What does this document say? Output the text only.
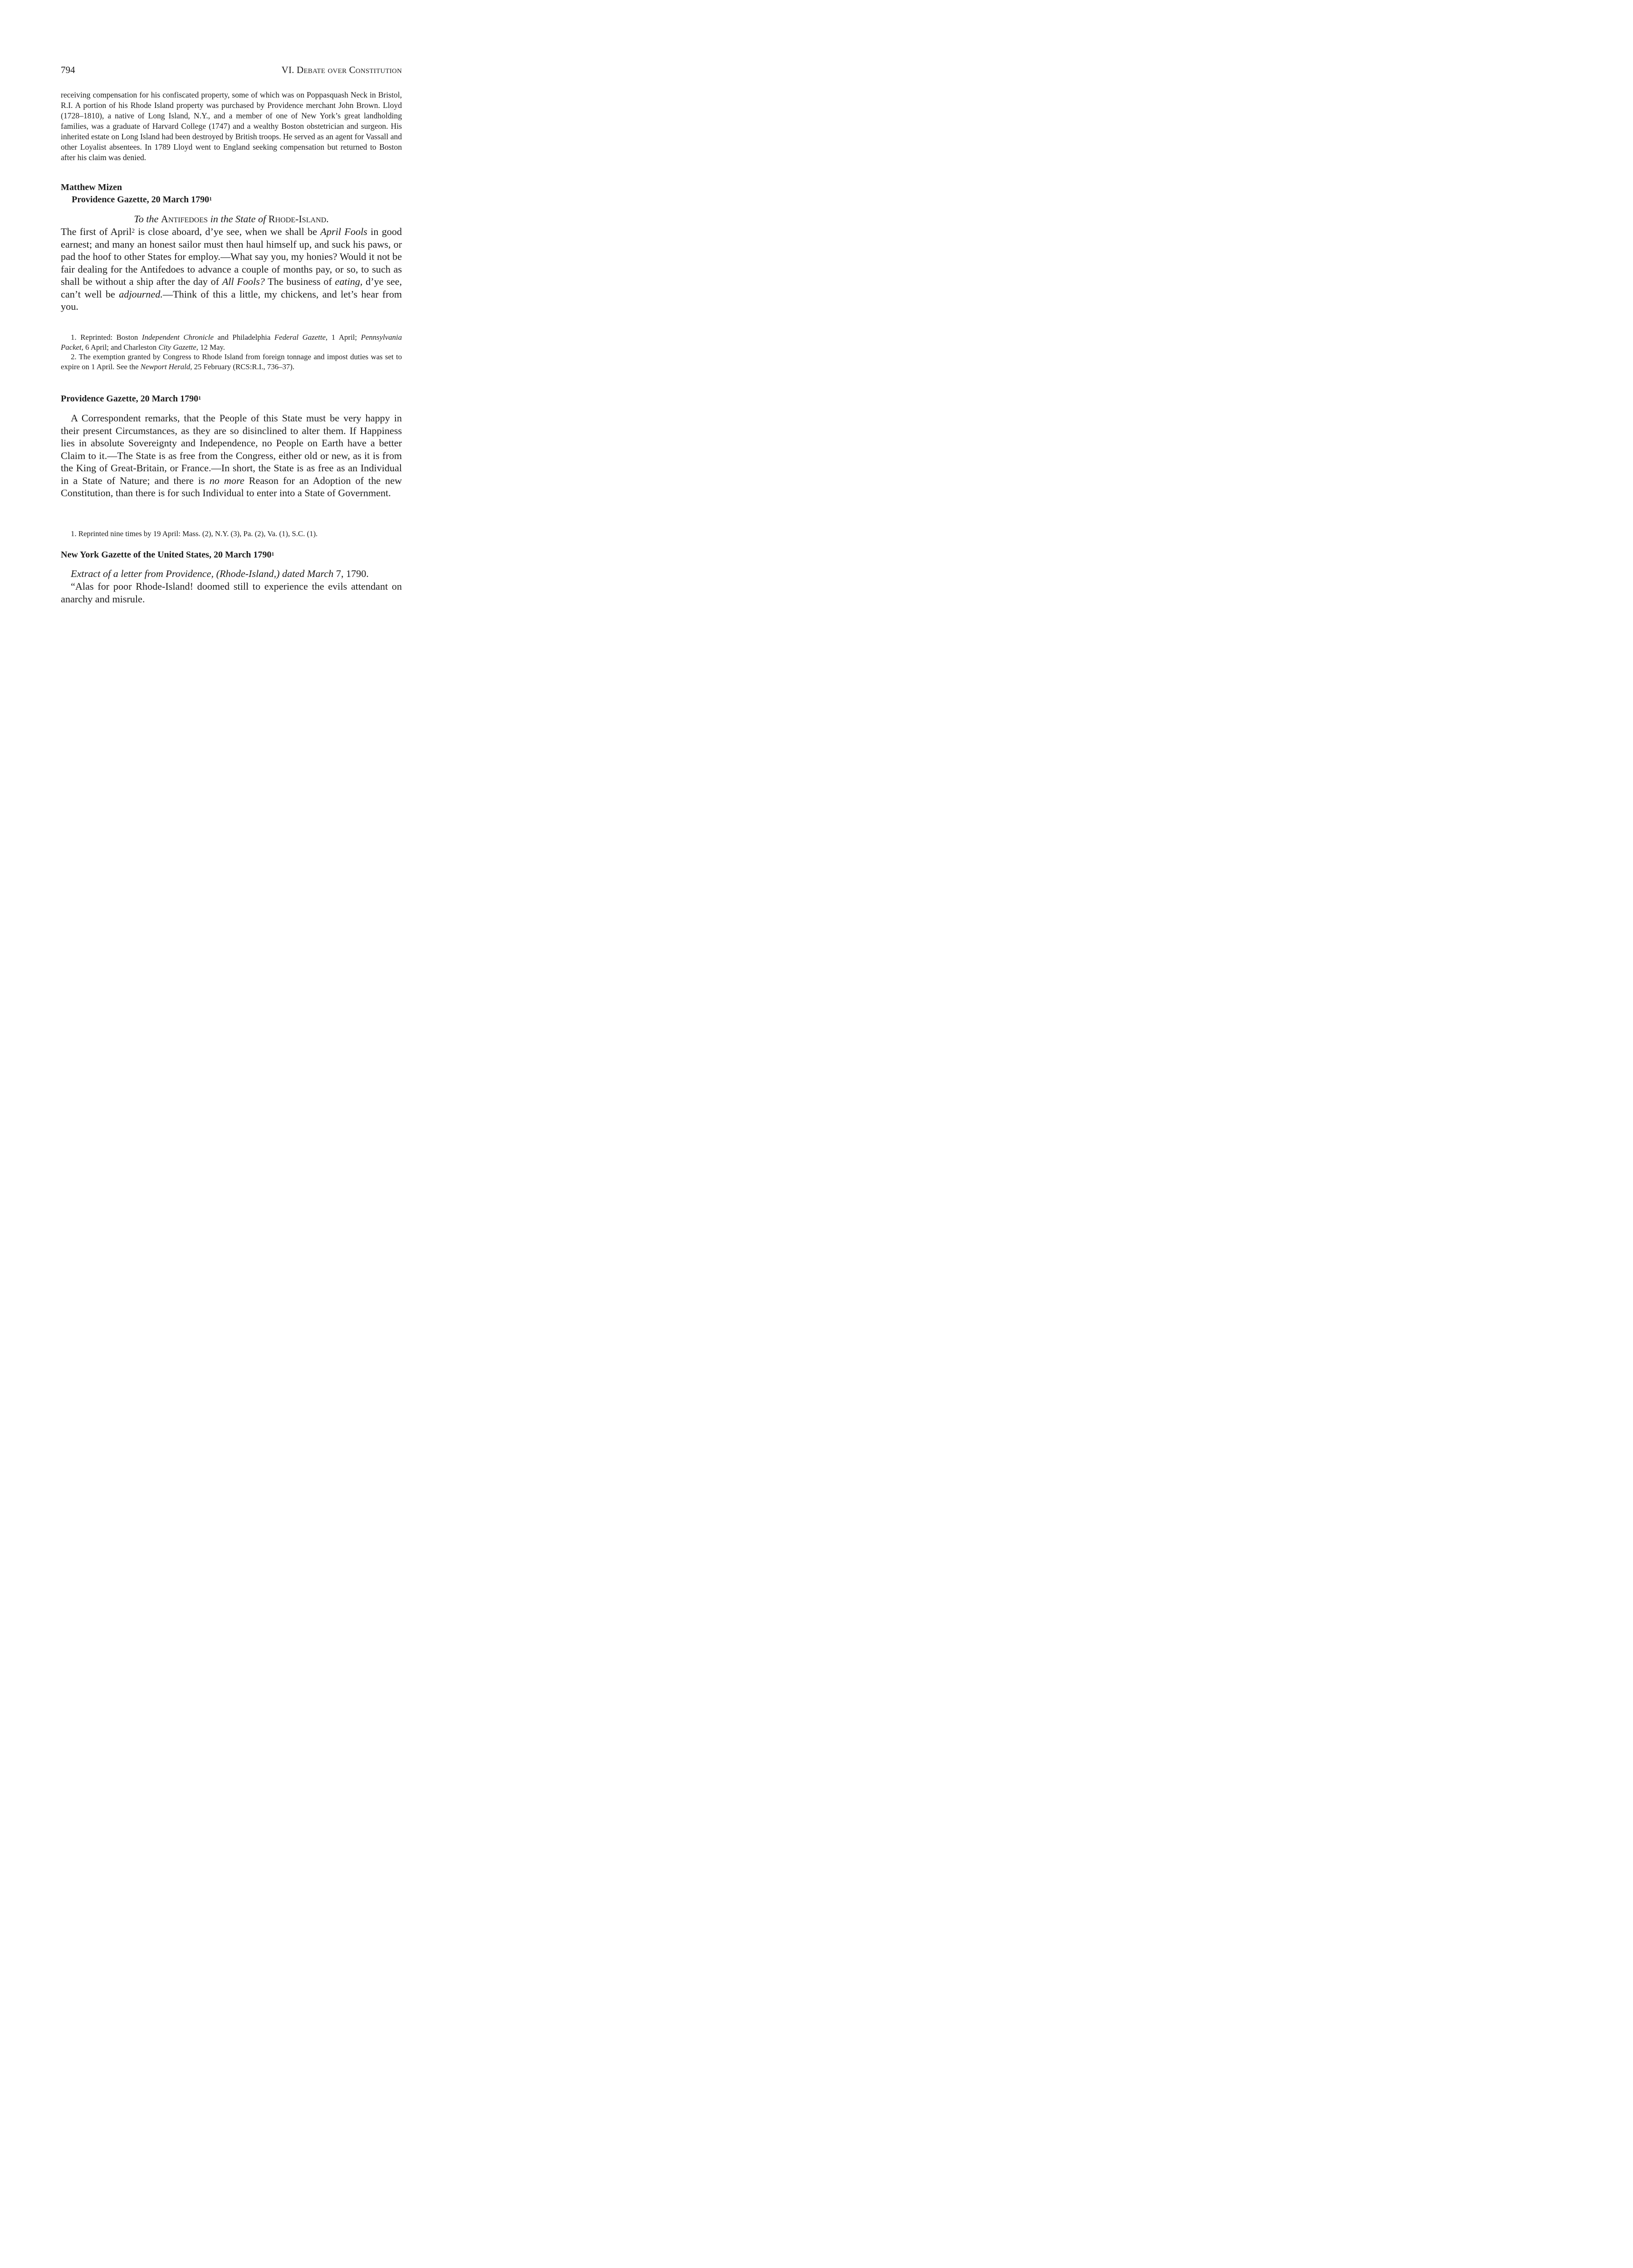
794	VI. Debate over Constitution

receiving compensation for his confiscated property, some of which was on Poppasquash Neck in Bristol, R.I. A portion of his Rhode Island property was purchased by Providence merchant John Brown. Lloyd (1728–1810), a native of Long Island, N.Y., and a member of one of New York’s great landholding families, was a graduate of Harvard College (1747) and a wealthy Boston obstetrician and surgeon. His inherited estate on Long Island had been destroyed by British troops. He served as an agent for Vassall and other Loyalist absentees. In 1789 Lloyd went to England seeking compensation but returned to Boston after his claim was denied.

Matthew Mizen
Providence Gazette, 20 March 1790$^1$
To the Antifedoes in the State of Rhode-Island.

The first of April$^2$ is close aboard, d’ye see, when we shall be April Fools in good earnest; and many an honest sailor must then haul himself up, and suck his paws, or pad the hoof to other States for employ.—What say you, my honies? Would it not be fair dealing for the Antifedoes to advance a couple of months pay, or so, to such as shall be without a ship after the day of All Fools? The business of eating, d’ye see, can’t well be adjourned.—Think of this a little, my chickens, and let’s hear from you.

1. Reprinted: Boston Independent Chronicle and Philadelphia Federal Gazette, 1 April; Pennsylvania Packet, 6 April; and Charleston City Gazette, 12 May.

2. The exemption granted by Congress to Rhode Island from foreign tonnage and impost duties was set to expire on 1 April. See the Newport Herald, 25 February (RCS:R.I., 736–37).

Providence Gazette, 20 March 1790$^1$

A Correspondent remarks, that the People of this State must be very happy in their present Circumstances, as they are so disinclined to alter them. If Happiness lies in absolute Sovereignty and Independence, no People on Earth have a better Claim to it.—The State is as free from the Congress, either old or new, as it is from the King of Great-Britain, or France.—In short, the State is as free as an Individual in a State of Nature; and there is no more Reason for an Adoption of the new Constitution, than there is for such Individual to enter into a State of Government.

1. Reprinted nine times by 19 April: Mass. (2), N.Y. (3), Pa. (2), Va. (1), S.C. (1).

New York Gazette of the United States, 20 March 1790$^1$

Extract of a letter from Providence, (Rhode-Island,) dated March 7, 1790.

“Alas for poor Rhode-Island! doomed still to experience the evils attendant on anarchy and misrule.
